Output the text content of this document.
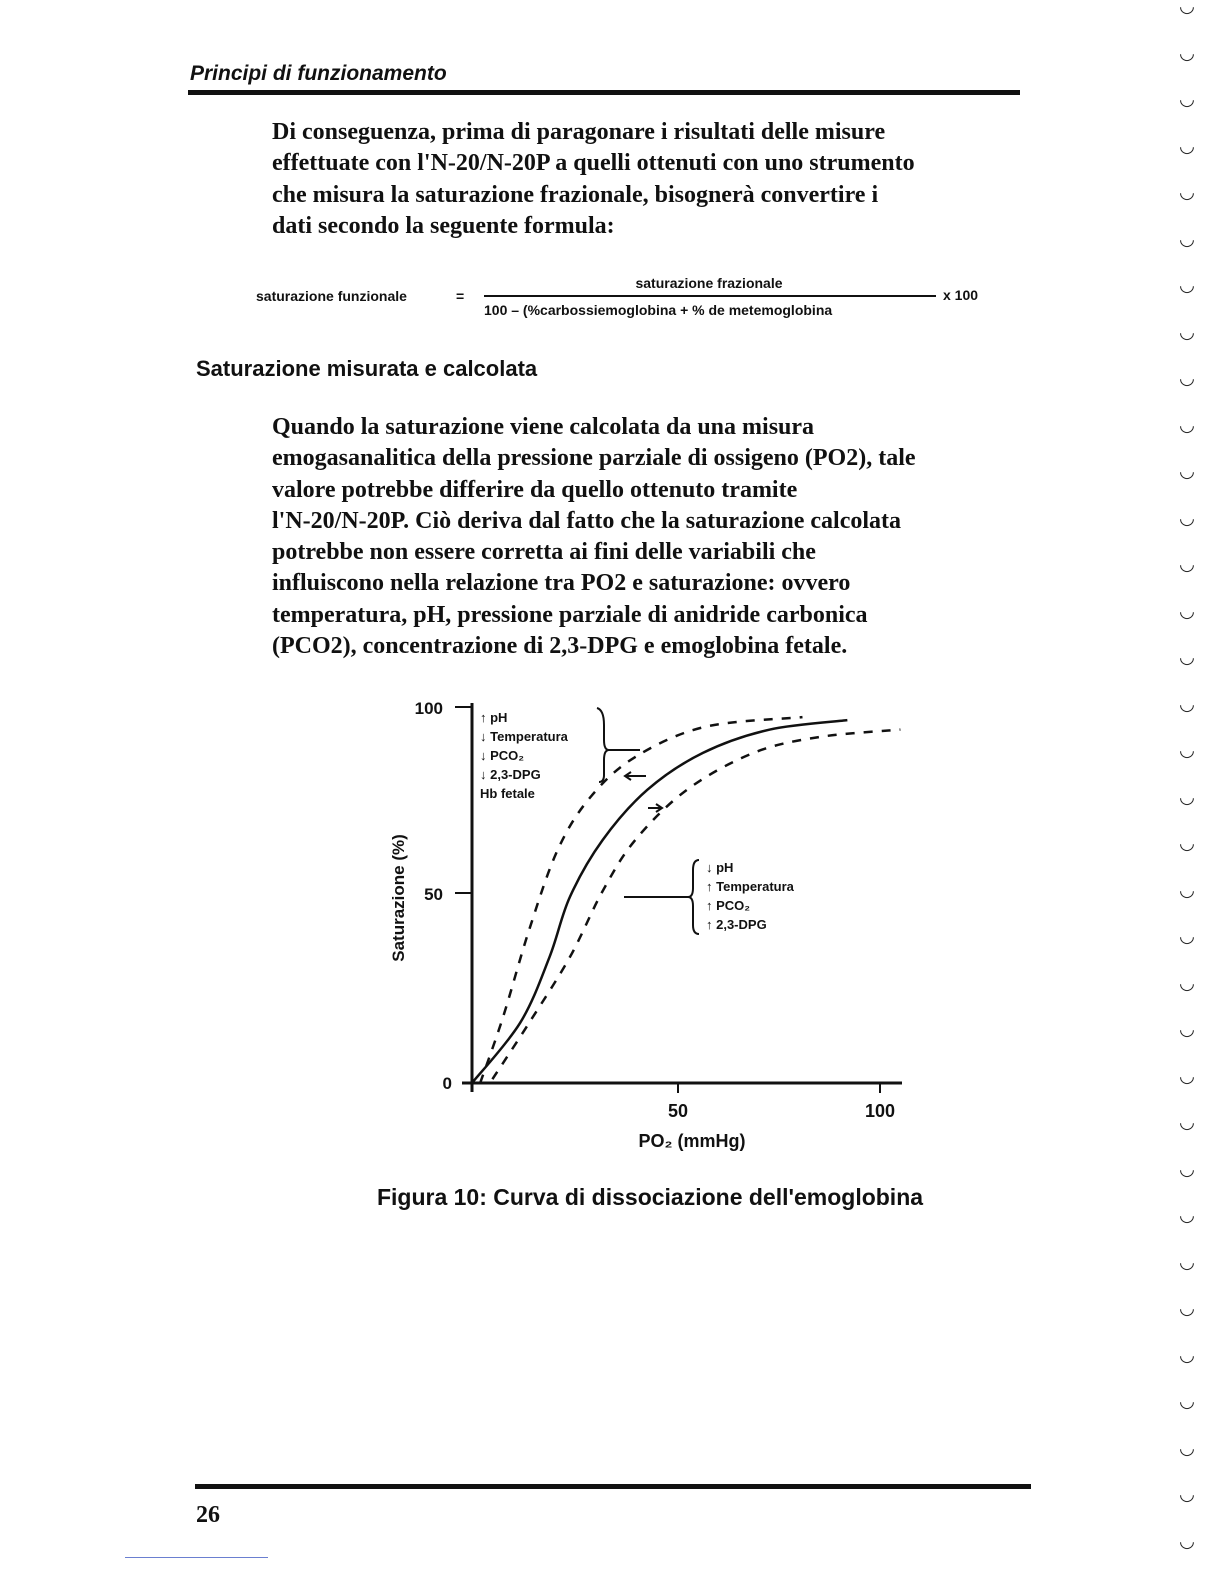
Principi di funzionamento
Di conseguenza, prima di paragonare i risultati delle misure
effettuate con l'N-20/N-20P a quelli ottenuti con uno strumento
che misura la saturazione frazionale, bisognerà convertire i
dati secondo la seguente formula:
saturazione funzionale	=
saturazione frazionale
100 – (%carbossiemoglobina + % de metemoglobina
x 100
Saturazione misurata e calcolata
Quando la saturazione viene calcolata da una misura
emogasanalitica della pressione parziale di ossigeno (PO2), tale
valore potrebbe differire da quello ottenuto tramite
l'N-20/N-20P. Ciò deriva dal fatto che la saturazione calcolata
potrebbe non essere corretta ai fini delle variabili che
influiscono nella relazione tra PO2 e saturazione: ovvero
temperatura, pH, pressione parziale di anidride carbonica
(PCO2), concentrazione di 2,3-DPG e emoglobina fetale.
100
50
0
50	100
PO₂ (mmHg)
Saturazione (%)
↑ pH
↓ Temperatura
↓ PCO₂
↓ 2,3-DPG
Hb fetale
↓ pH
↑ Temperatura
↑ PCO₂
↑ 2,3-DPG
Figura 10: Curva di dissociazione dell'emoglobina
26
◡
◡
◡
◡
◡
◡
◡
◡
◡
◡
◡
◡
◡
◡
◡
◡
◡
◡
◡
◡
◡
◡
◡
◡
◡
◡
◡
◡
◡
◡
◡
◡
◡
◡
